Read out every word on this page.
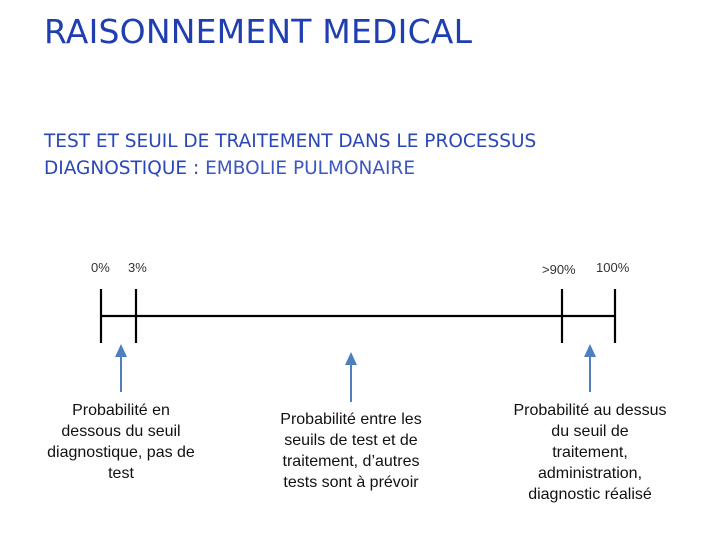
RAISONNEMENT MEDICAL
TEST ET SEUIL DE TRAITEMENT DANS LE PROCESSUS DIAGNOSTIQUE : EMBOLIE PULMONAIRE
0% 3%	>90% 100%
Probabilité en dessous du seuil diagnostique, pas de test
Probabilité entre les seuils de test et de traitement, d’autres tests sont à prévoir
Probabilité au dessus du seuil de traitement, administration, diagnostic réalisé
